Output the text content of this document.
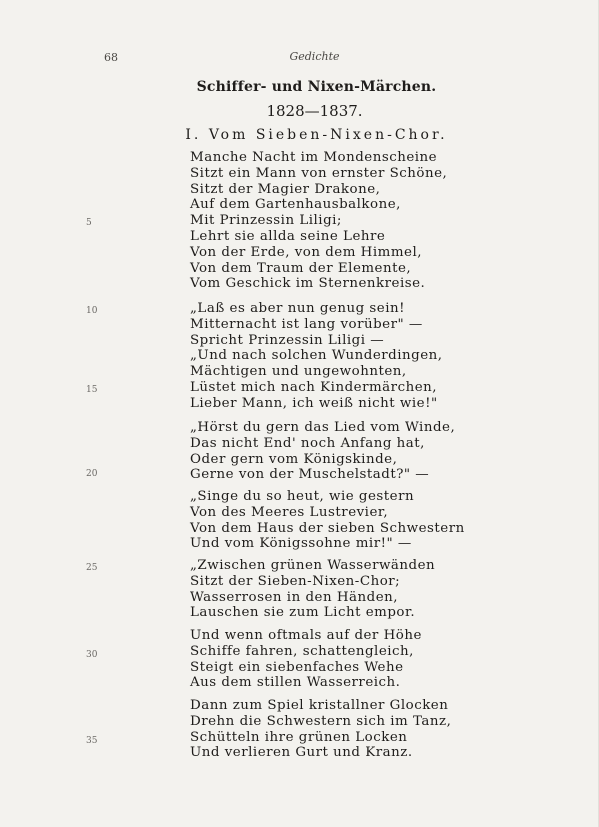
68	Gedichte
Schiffer- und Nixen-Märchen.
1828—1837.
I. Vom Sieben-Nixen-Chor.
Manche Nacht im Mondenscheine
Sitzt ein Mann von ernster Schöne,
Sitzt der Magier Drakone,
Auf dem Gartenhausbalkone,
Mit Prinzessin Liligi;
Lehrt sie allda seine Lehre
Von der Erde, von dem Himmel,
Von dem Traum der Elemente,
Vom Geschick im Sternenkreise.
„Laß es aber nun genug sein!
Mitternacht ist lang vorüber" —
Spricht Prinzessin Liligi —
„Und nach solchen Wunderdingen,
Mächtigen und ungewohnten,
Lüstet mich nach Kindermärchen,
Lieber Mann, ich weiß nicht wie!"
„Hörst du gern das Lied vom Winde,
Das nicht End' noch Anfang hat,
Oder gern vom Königskinde,
Gerne von der Muschelstadt?" —
„Singe du so heut, wie gestern
Von des Meeres Lustrevier,
Von dem Haus der sieben Schwestern
Und vom Königssohne mir!" —
„Zwischen grünen Wasserwänden
Sitzt der Sieben-Nixen-Chor;
Wasserrosen in den Händen,
Lauschen sie zum Licht empor.
Und wenn oftmals auf der Höhe
Schiffe fahren, schattengleich,
Steigt ein siebenfaches Wehe
Aus dem stillen Wasserreich.
Dann zum Spiel kristallner Glocken
Drehn die Schwestern sich im Tanz,
Schütteln ihre grünen Locken
Und verlieren Gurt und Kranz.
5
10
15
20
25
30
35
